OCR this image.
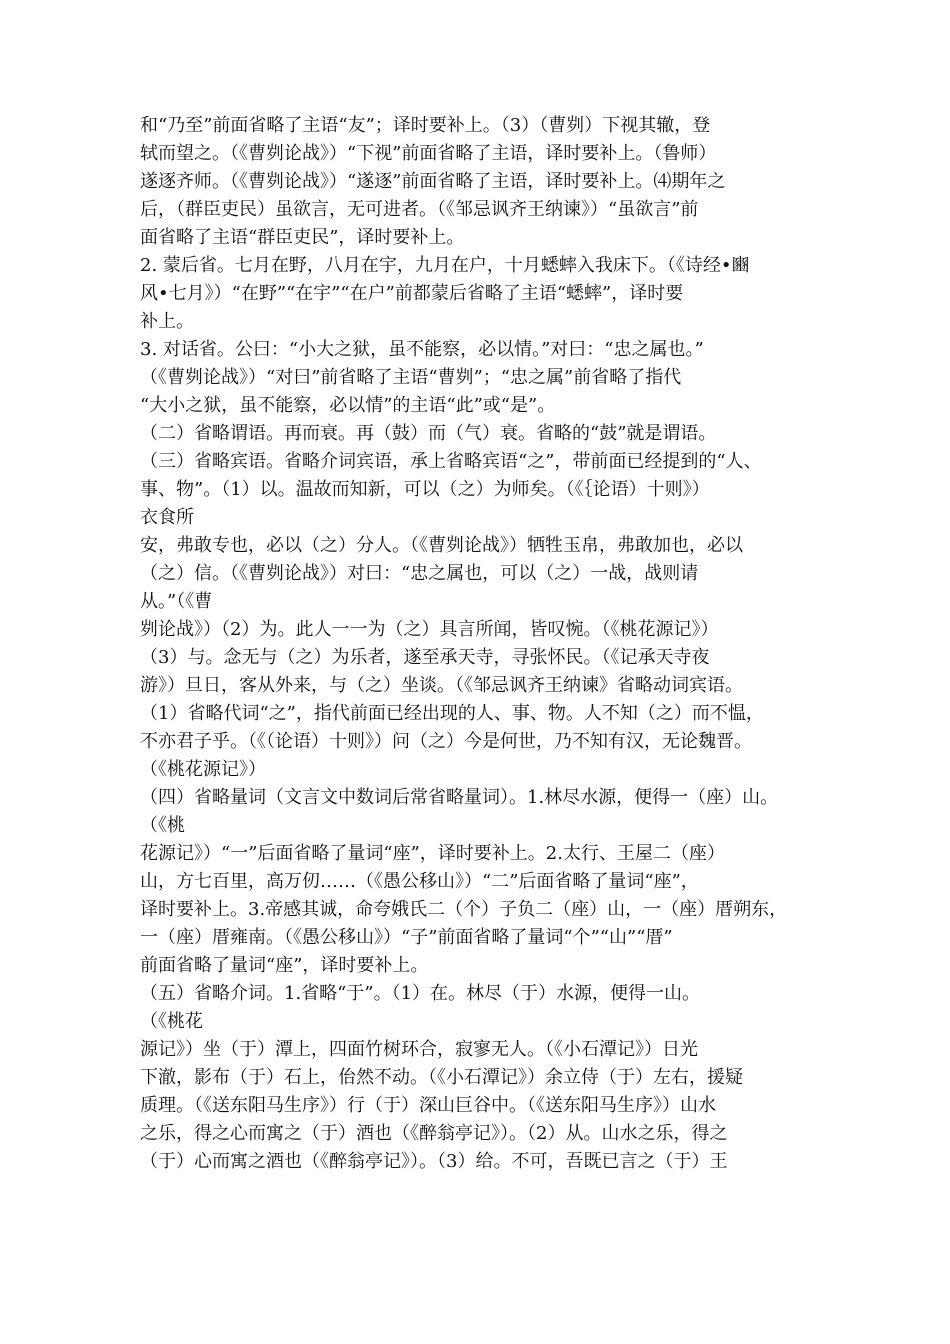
和“乃至”前面省略了主语“友”；译时要补上。（3）（曹刿）下视其辙，登
轼而望之。（《曹刿论战》）“下视”前面省略了主语，译时要补上。（鲁师）
遂逐齐师。（《曹刿论战》）“遂逐”前面省略了主语，译时要补上。⑷期年之
后，（群臣吏民）虽欲言，无可进者。（《邹忌讽齐王纳谏》）“虽欲言”前
面省略了主语“群臣吏民”，译时要补上。
2. 蒙后省。七月在野，八月在宇，九月在户，十月蟋蟀入我床下。（《诗经•豳
风•七月》）“在野”“在宇”“在户”前都蒙后省略了主语“蟋蟀”，译时要
补上。
3. 对话省。公曰：“小大之狱，虽不能察，必以情。”对曰：“忠之属也。”
（《曹刿论战》）“对曰”前省略了主语“曹刿”；“忠之属”前省略了指代
“大小之狱，虽不能察，必以情”的主语“此”或“是”。
（二）省略谓语。再而衰。再（鼓）而（气）衰。省略的“鼓”就是谓语。
（三）省略宾语。省略介词宾语，承上省略宾语“之”，带前面已经提到的“人、
事、物”。（1）以。温故而知新，可以（之）为师矣。（《｛论语）十则》）
衣食所
安，弗敢专也，必以（之）分人。（《曹刿论战》）牺牲玉帛，弗敢加也，必以
（之）信。（《曹刿论战》）对曰：“忠之属也，可以（之）一战，战则请
从。”（《曹
刿论战》）（2）为。此人一一为（之）具言所闻，皆叹惋。（《桃花源记》）
（3）与。念无与（之）为乐者，遂至承天寺，寻张怀民。（《记承天寺夜
游》）旦日，客从外来，与（之）坐谈。（《邹忌讽齐王纳谏》省略动词宾语。
（1）省略代词“之”，指代前面已经出现的人、事、物。人不知（之）而不愠，
不亦君子乎。（《（论语）十则》）问（之）今是何世，乃不知有汉，无论魏晋。
（《桃花源记》）
（四）省略量词（文言文中数词后常省略量词）。1.林尽水源，便得一（座）山。
（《桃
花源记》）“一”后面省略了量词“座”，译时要补上。2.太行、王屋二（座）
山，方七百里，高万仞……（《愚公移山》）“二”后面省略了量词“座”，
译时要补上。3.帝感其诚，命夸娥氏二（个）子负二（座）山，一（座）厝朔东，
一（座）厝雍南。（《愚公移山》）“子”前面省略了量词“个”“山”“厝”
前面省略了量词“座”，译时要补上。
（五）省略介词。1.省略“于”。（1）在。林尽（于）水源，便得一山。
（《桃花
源记》）坐（于）潭上，四面竹树环合，寂寥无人。（《小石潭记》）日光
下澈，影布（于）石上，佁然不动。（《小石潭记》）余立侍（于）左右，援疑
质理。（《送东阳马生序》）行（于）深山巨谷中。（《送东阳马生序》）山水
之乐，得之心而寓之（于）酒也（《醉翁亭记》）。（2）从。山水之乐，得之
（于）心而寓之酒也（《醉翁亭记》）。（3）给。不可，吾既已言之（于）王
